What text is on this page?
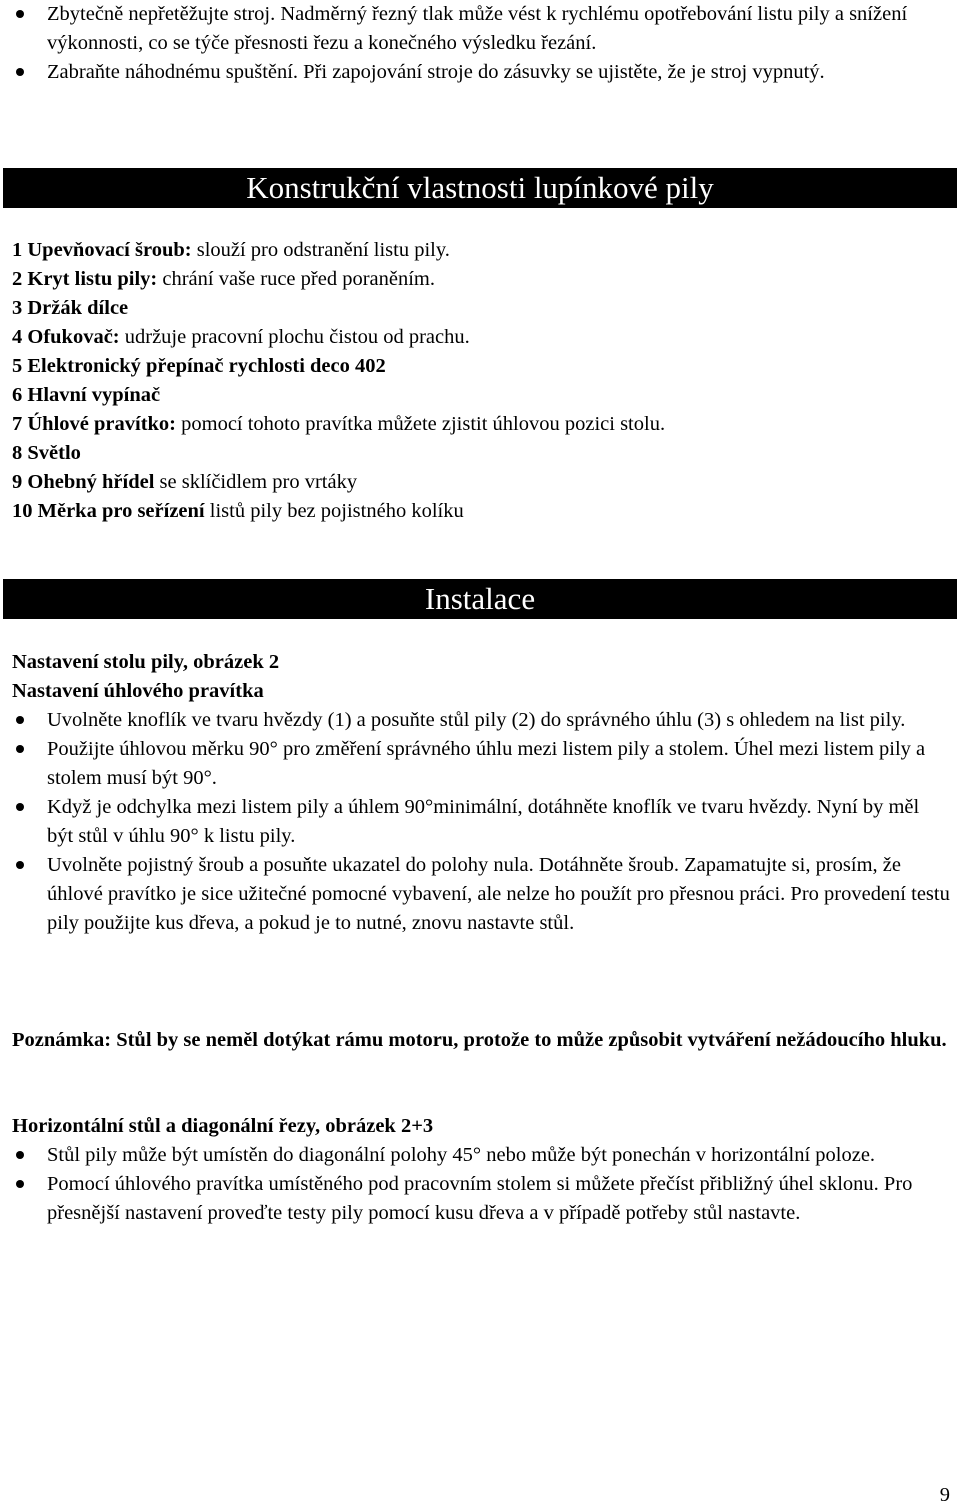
Zbytečně nepřetěžujte stroj. Nadměrný řezný tlak může vést k rychlému opotřebování listu pily a snížení výkonnosti, co se týče přesnosti řezu a konečného výsledku řezání.
Zabraňte náhodnému spuštění. Při zapojování stroje do zásuvky se ujistěte, že je stroj vypnutý.
Konstrukční vlastnosti lupínkové pily
1 Upevňovací šroub: slouží pro odstranění listu pily.
2 Kryt listu pily: chrání vaše ruce před poraněním.
3 Držák dílce
4 Ofukovač: udržuje pracovní plochu čistou od prachu.
5 Elektronický přepínač rychlosti deco 402
6 Hlavní vypínač
7 Úhlové pravítko: pomocí tohoto pravítka můžete zjistit úhlovou pozici stolu.
8 Světlo
9 Ohebný hřídel se sklíčidlem pro vrtáky
10 Měrka pro seřízení listů pily bez pojistného kolíku
Instalace
Nastavení stolu pily, obrázek 2
Nastavení úhlového pravítka
Uvolněte knoflík ve tvaru hvězdy (1) a posuňte stůl pily (2) do správného úhlu (3) s ohledem na list pily.
Použijte úhlovou měrku 90° pro změření správného úhlu mezi listem pily a stolem. Úhel mezi listem pily a stolem musí být 90°.
Když je odchylka mezi listem pily a úhlem 90°minimální, dotáhněte knoflík ve tvaru hvězdy. Nyní by měl být stůl v úhlu 90° k listu pily.
Uvolněte pojistný šroub a posuňte ukazatel do polohy nula. Dotáhněte šroub. Zapamatujte si, prosím, že úhlové pravítko je sice užitečné pomocné vybavení, ale nelze ho použít pro přesnou práci. Pro provedení testu pily použijte kus dřeva, a pokud je to nutné, znovu nastavte stůl.
Poznámka: Stůl by se neměl dotýkat rámu motoru, protože to může způsobit vytváření nežádoucího hluku.
Horizontální stůl a diagonální řezy, obrázek 2+3
Stůl pily může být umístěn do diagonální polohy 45° nebo může být ponechán v horizontální poloze.
Pomocí úhlového pravítka umístěného pod pracovním stolem si můžete přečíst přibližný úhel sklonu. Pro přesnější nastavení proveďte testy pily pomocí kusu dřeva a v případě potřeby stůl nastavte.
9
